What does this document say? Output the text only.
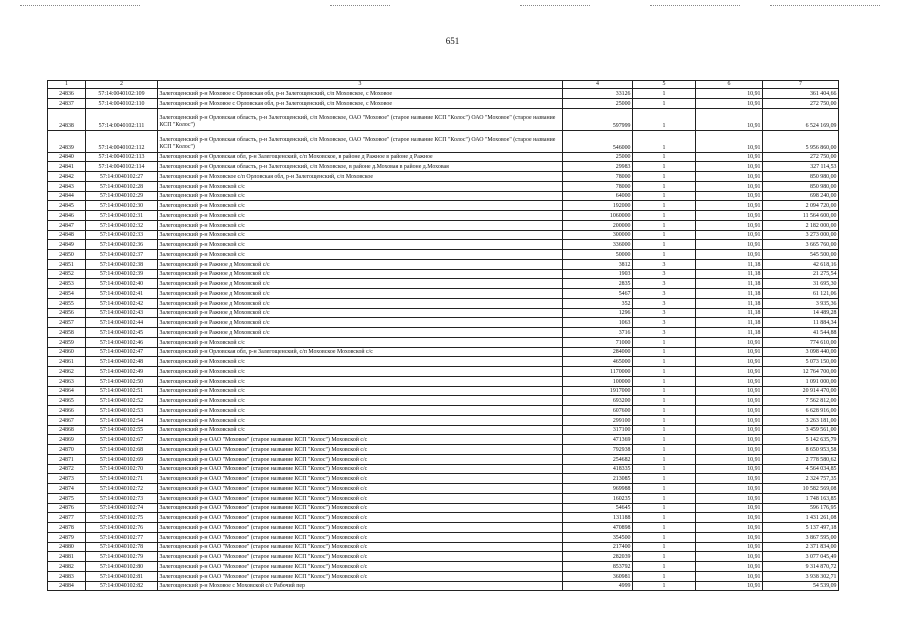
651
1	2	3	4	5	6	7
24836	57:14:0040102:109	Залегощенский р-н Моховое с Орловская обл, р-н Залегощенский, с/п Моховское, с Моховое	33126	1	10,91	361 404,66
24837	57:14:0040102:110	Залегощенский р-н Моховое с Орловская обл, р-н Залегощенский, с/п Моховское, с Моховое	25000	1	10,91	272 750,00
24838	57:14:0040102:111	Залегощенский р-н Орловская область, р-н Залегощенский, с/п Моховское, ОАО "Моховое" (старое название КСП "Колос") ОАО "Моховое" (старое название КСП "Колос")	597999	1	10,91	6 524 169,09
24839	57:14:0040102:112	Залегощенский р-н Орловская область, р-н Залегощенский, с/п Моховское, ОАО "Моховое" (старое название КСП "Колос") ОАО "Моховое" (старое название КСП "Колос")	546000	1	10,91	5 956 860,00
24840	57:14:0040102:113	Залегощенский р-н Орловская обл, р-н Залегощенский, с/п Моховское, в районе д Ражное в районе д Ражное	25000	1	10,91	272 750,00
24841	57:14:0040102:114	Залегощенский р-н Орловская область, р-н Залегощенский, с/п Моховское, в районе д.Моховая в районе д.Моховая	29983	1	10,91	327 114,53
24842	57:14:0040102:27	Залегощенский р-н Моховское с/п Орловская обл, р-н Залегощенский, с/п Моховское	78000	1	10,91	850 980,00
24843	57:14:0040102:28	Залегощенский р-н Моховской с/с	78000	1	10,91	850 980,00
24844	57:14:0040102:29	Залегощенский р-н Моховской с/с	64000	1	10,91	698 240,00
24845	57:14:0040102:30	Залегощенский р-н Моховской с/с	192000	1	10,91	2 094 720,00
24846	57:14:0040102:31	Залегощенский р-н Моховской с/с	1060000	1	10,91	11 564 600,00
24847	57:14:0040102:32	Залегощенский р-н Моховской с/с	200000	1	10,91	2 182 000,00
24848	57:14:0040102:33	Залегощенский р-н Моховской с/с	300000	1	10,91	3 273 000,00
24849	57:14:0040102:36	Залегощенский р-н Моховской с/с	336000	1	10,91	3 665 760,00
24850	57:14:0040102:37	Залегощенский р-н Моховской с/с	50000	1	10,91	545 500,00
24851	57:14:0040102:38	Залегощенский р-н Ражное д Моховской с/с	3812	3	11,18	42 618,16
24852	57:14:0040102:39	Залегощенский р-н Ражное д Моховской с/с	1903	3	11,18	21 275,54
24853	57:14:0040102:40	Залегощенский р-н Ражное д Моховской с/с	2835	3	11,18	31 695,30
24854	57:14:0040102:41	Залегощенский р-н Ражное д Моховской с/с	5467	3	11,18	61 121,06
24855	57:14:0040102:42	Залегощенский р-н Ражное д Моховской с/с	352	3	11,18	3 935,36
24856	57:14:0040102:43	Залегощенский р-н Ражное д Моховской с/с	1296	3	11,18	14 489,28
24857	57:14:0040102:44	Залегощенский р-н Ражное д Моховской с/с	1063	3	11,18	11 884,34
24858	57:14:0040102:45	Залегощенский р-н Ражное д Моховской с/с	3716	3	11,18	41 544,88
24859	57:14:0040102:46	Залегощенский р-н Моховской с/с	71000	1	10,91	774 610,00
24860	57:14:0040102:47	Залегощенский р-н Орловская обл, р-н Залегощенский, с/п Моховское Моховской с/с	284000	1	10,91	3 098 440,00
24861	57:14:0040102:48	Залегощенский р-н Моховской с/с	465000	1	10,91	5 073 150,00
24862	57:14:0040102:49	Залегощенский р-н Моховской с/с	1170000	1	10,91	12 764 700,00
24863	57:14:0040102:50	Залегощенский р-н Моховской с/с	100000	1	10,91	1 091 000,00
24864	57:14:0040102:51	Залегощенский р-н Моховской с/с	1917000	1	10,91	20 914 470,00
24865	57:14:0040102:52	Залегощенский р-н Моховской с/с	693200	1	10,91	7 562 812,00
24866	57:14:0040102:53	Залегощенский р-н Моховской с/с	607600	1	10,91	6 628 916,00
24867	57:14:0040102:54	Залегощенский р-н Моховской с/с	299100	1	10,91	3 263 181,00
24868	57:14:0040102:55	Залегощенский р-н Моховской с/с	317100	1	10,91	3 459 561,00
24869	57:14:0040102:67	Залегощенский р-н ОАО "Моховое" (старое название КСП "Колос") Моховской с/с	471369	1	10,91	5 142 635,79
24870	57:14:0040102:68	Залегощенский р-н ОАО "Моховое" (старое название КСП "Колос") Моховской с/с	792938	1	10,91	8 650 953,58
24871	57:14:0040102:69	Залегощенский р-н ОАО "Моховое" (старое название КСП "Колос") Моховской с/с	254682	1	10,91	2 778 580,62
24872	57:14:0040102:70	Залегощенский р-н ОАО "Моховое" (старое название КСП "Колос") Моховской с/с	418335	1	10,91	4 564 034,85
24873	57:14:0040102:71	Залегощенский р-н ОАО "Моховое" (старое название КСП "Колос") Моховской с/с	213085	1	10,91	2 324 757,35
24874	57:14:0040102:72	Залегощенский р-н ОАО "Моховое" (старое название КСП "Колос") Моховской с/с	969988	1	10,91	10 582 569,08
24875	57:14:0040102:73	Залегощенский р-н ОАО "Моховое" (старое название КСП "Колос") Моховской с/с	160235	1	10,91	1 748 163,85
24876	57:14:0040102:74	Залегощенский р-н ОАО "Моховое" (старое название КСП "Колос") Моховской с/с	54645	1	10,91	596 176,95
24877	57:14:0040102:75	Залегощенский р-н ОАО "Моховое" (старое название КСП "Колос") Моховской с/с	131188	1	10,91	1 431 261,08
24878	57:14:0040102:76	Залегощенский р-н ОАО "Моховое" (старое название КСП "Колос") Моховской с/с	470898	1	10,91	5 137 497,18
24879	57:14:0040102:77	Залегощенский р-н ОАО "Моховое" (старое название КСП "Колос") Моховской с/с	354500	1	10,91	3 867 595,00
24880	57:14:0040102:78	Залегощенский р-н ОАО "Моховое" (старое название КСП "Колос") Моховской с/с	217400	1	10,91	2 371 834,00
24881	57:14:0040102:79	Залегощенский р-н ОАО "Моховое" (старое название КСП "Колос") Моховской с/с	282039	1	10,91	3 077 045,49
24882	57:14:0040102:80	Залегощенский р-н ОАО "Моховое" (старое название КСП "Колос") Моховской с/с	853792	1	10,91	9 314 870,72
24883	57:14:0040102:81	Залегощенский р-н ОАО "Моховое" (старое название КСП "Колос") Моховской с/с	360981	1	10,91	3 938 302,71
24884	57:14:0040102:82	Залегощенский р-н Моховое с Моховской с/с Рабочий пер	4999	1	10,91	54 539,09
